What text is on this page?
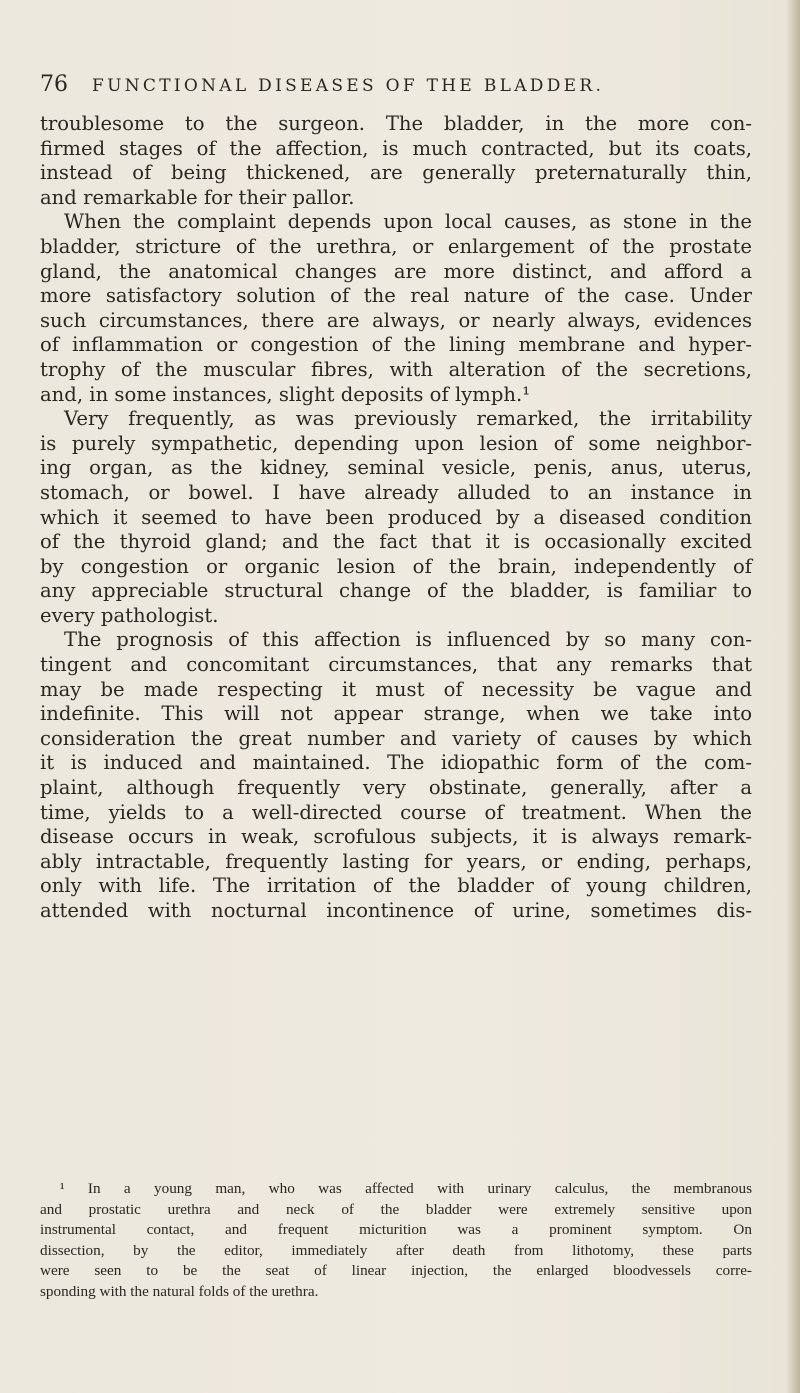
76 FUNCTIONAL DISEASES OF THE BLADDER.
troublesome to the surgeon. The bladder, in the more con-
firmed stages of the affection, is much contracted, but its coats,
instead of being thickened, are generally preternaturally thin,
and remarkable for their pallor.
When the complaint depends upon local causes, as stone in the
bladder, stricture of the urethra, or enlargement of the prostate
gland, the anatomical changes are more distinct, and afford a
more satisfactory solution of the real nature of the case. Under
such circumstances, there are always, or nearly always, evidences
of inflammation or congestion of the lining membrane and hyper-
trophy of the muscular fibres, with alteration of the secretions,
and, in some instances, slight deposits of lymph.¹
Very frequently, as was previously remarked, the irritability
is purely sympathetic, depending upon lesion of some neighbor-
ing organ, as the kidney, seminal vesicle, penis, anus, uterus,
stomach, or bowel. I have already alluded to an instance in
which it seemed to have been produced by a diseased condition
of the thyroid gland; and the fact that it is occasionally excited
by congestion or organic lesion of the brain, independently of
any appreciable structural change of the bladder, is familiar to
every pathologist.
The prognosis of this affection is influenced by so many con-
tingent and concomitant circumstances, that any remarks that
may be made respecting it must of necessity be vague and
indefinite. This will not appear strange, when we take into
consideration the great number and variety of causes by which
it is induced and maintained. The idiopathic form of the com-
plaint, although frequently very obstinate, generally, after a
time, yields to a well-directed course of treatment. When the
disease occurs in weak, scrofulous subjects, it is always remark-
ably intractable, frequently lasting for years, or ending, perhaps,
only with life. The irritation of the bladder of young children,
attended with nocturnal incontinence of urine, sometimes dis-
¹ In a young man, who was affected with urinary calculus, the membranous
and prostatic urethra and neck of the bladder were extremely sensitive upon
instrumental contact, and frequent micturition was a prominent symptom. On
dissection, by the editor, immediately after death from lithotomy, these parts
were seen to be the seat of linear injection, the enlarged bloodvessels corre-
sponding with the natural folds of the urethra.
